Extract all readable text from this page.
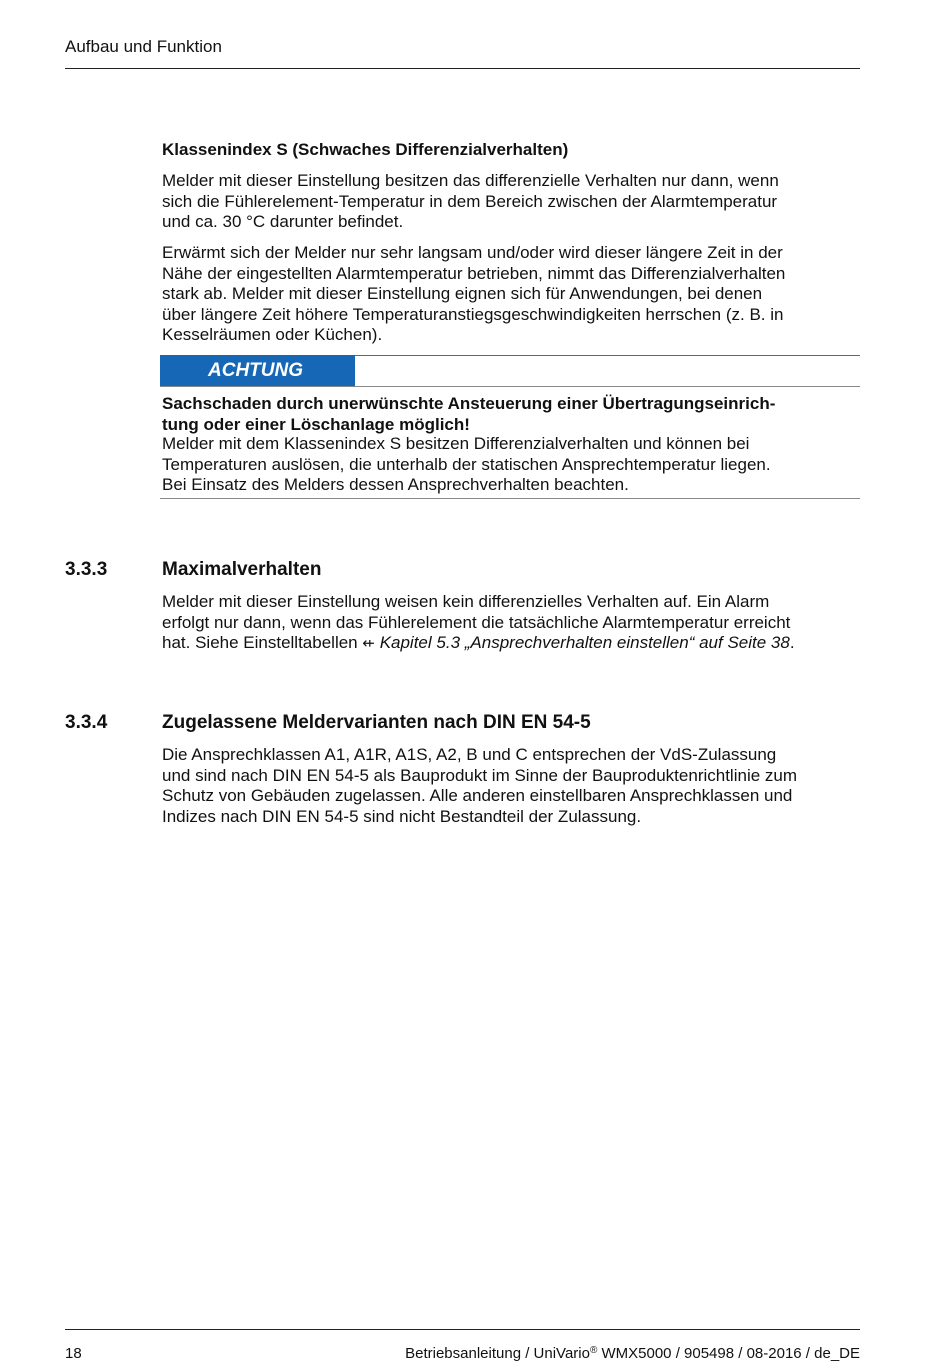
Aufbau und Funktion
Klassenindex S (Schwaches Differenzialverhalten)
Melder mit dieser Einstellung besitzen das differenzielle Verhalten nur dann, wenn
sich die Fühlerelement-Temperatur in dem Bereich zwischen der Alarmtemperatur
und ca. 30 °C darunter befindet.
Erwärmt sich der Melder nur sehr langsam und/oder wird dieser längere Zeit in der
Nähe der eingestellten Alarmtemperatur betrieben, nimmt das Differenzialverhalten
stark ab. Melder mit dieser Einstellung eignen sich für Anwendungen, bei denen
über längere Zeit höhere Temperaturanstiegsgeschwindigkeiten herrschen (z. B. in
Kesselräumen oder Küchen).
ACHTUNG
Sachschaden durch unerwünschte Ansteuerung einer Übertragungseinrich-
tung oder einer Löschanlage möglich!
Melder mit dem Klassenindex S besitzen Differenzialverhalten und können bei
Temperaturen auslösen, die unterhalb der statischen Ansprechtemperatur liegen.
Bei Einsatz des Melders dessen Ansprechverhalten beachten.
3.3.3	Maximalverhalten
Melder mit dieser Einstellung weisen kein differenzielles Verhalten auf. Ein Alarm
erfolgt nur dann, wenn das Fühlerelement die tatsächliche Alarmtemperatur erreicht
hat. Siehe Einstelltabellen ⇷ Kapitel 5.3 „Ansprechverhalten einstellen“ auf Seite 38.
3.3.4	Zugelassene Meldervarianten nach DIN EN 54-5
Die Ansprechklassen A1, A1R, A1S, A2, B und C entsprechen der VdS-Zulassung
und sind nach DIN EN 54-5 als Bauprodukt im Sinne der Bauproduktenrichtlinie zum
Schutz von Gebäuden zugelassen. Alle anderen einstellbaren Ansprechklassen und
Indizes nach DIN EN 54-5 sind nicht Bestandteil der Zulassung.
18	Betriebsanleitung / UniVario® WMX5000 / 905498 / 08-2016 / de_DE
